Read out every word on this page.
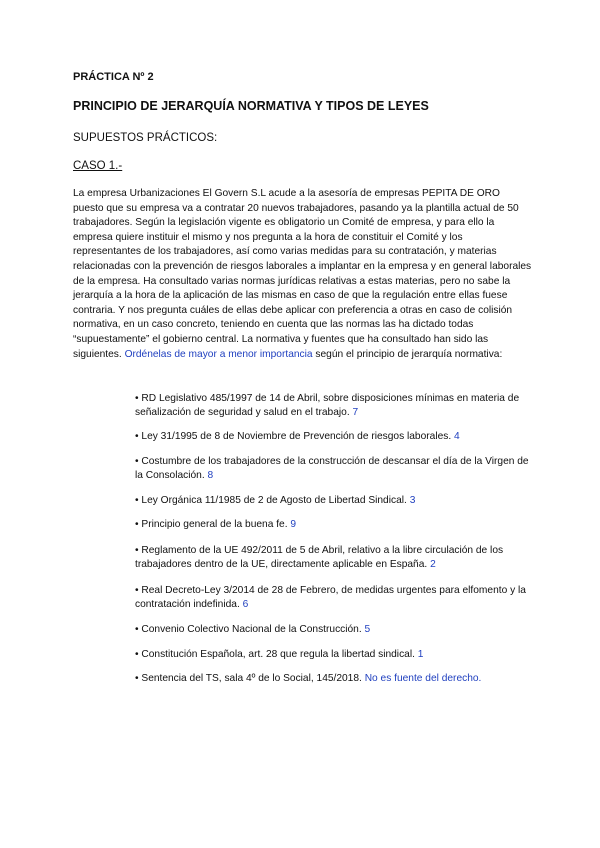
PRÁCTICA Nº 2
PRINCIPIO DE JERARQUÍA NORMATIVA Y TIPOS DE LEYES
SUPUESTOS PRÁCTICOS:
CASO 1.-

La empresa Urbanizaciones El Govern S.L acude a la asesoría de empresas PEPITA DE ORO puesto que su empresa va a contratar 20 nuevos trabajadores, pasando ya la plantilla actual de 50 trabajadores. Según la legislación vigente es obligatorio un Comité de empresa, y para ello la empresa quiere instituir el mismo y nos pregunta a la hora de constituir el Comité y los representantes de los trabajadores, así como varias medidas para su contratación, y materias relacionadas con la prevención de riesgos laborales a implantar en la empresa y en general laborales de la empresa. Ha consultado varias normas jurídicas relativas a estas materias, pero no sabe la jerarquía a la hora de la aplicación de las mismas en caso de que la regulación entre ellas fuese contraria. Y nos pregunta cuáles de ellas debe aplicar con preferencia a otras en caso de colisión normativa, en un caso concreto, teniendo en cuenta que las normas las ha dictado todas “supuestamente” el gobierno central. La normativa y fuentes que ha consultado han sido las siguientes. Ordénelas de mayor a menor importancia según el principio de jerarquía normativa:

• RD Legislativo 485/1997 de 14 de Abril, sobre disposiciones mínimas en materia de señalización de seguridad y salud en el trabajo. 7
• Ley 31/1995 de 8 de Noviembre de Prevención de riesgos laborales. 4
• Costumbre de los trabajadores de la construcción de descansar el día de la Virgen de la Consolación. 8
• Ley Orgánica 11/1985 de 2 de Agosto de Libertad Sindical. 3
• Principio general de la buena fe. 9
• Reglamento de la UE 492/2011 de 5 de Abril, relativo a la libre circulación de los trabajadores dentro de la UE, directamente aplicable en España. 2
• Real Decreto-Ley 3/2014 de 28 de Febrero, de medidas urgentes para elfomento y la contratación indefinida. 6
• Convenio Colectivo Nacional de la Construcción. 5
• Constitución Española, art. 28 que regula la libertad sindical. 1
• Sentencia del TS, sala 4º de lo Social, 145/2018. No es fuente del derecho.
